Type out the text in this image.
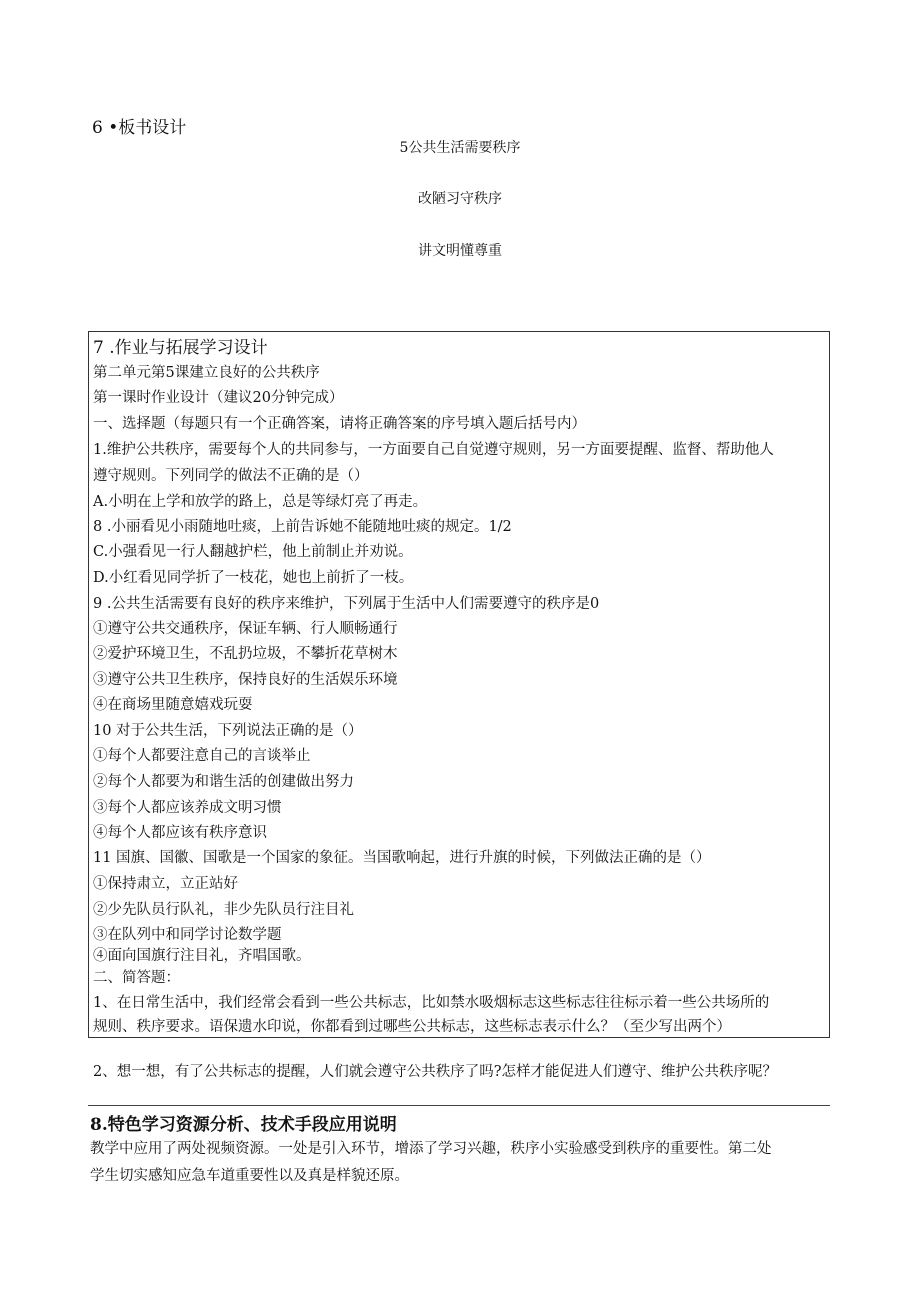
6 •板书设计
5公共生活需要秩序
改陋习守秩序
讲文明懂尊重
7 .作业与拓展学习设计
第二单元第5课建立良好的公共秩序
第一课时作业设计（建议20分钟完成）
一、选择题（每题只有一个正确答案，请将正确答案的序号填入题后括号内）
1.维护公共秩序，需要每个人的共同参与，一方面要自己自觉遵守规则，另一方面要提醒、监督、帮助他人
遵守规则。下列同学的做法不正确的是（）
A.小明在上学和放学的路上，总是等绿灯亮了再走。
8 .小丽看见小雨随地吐痰，上前告诉她不能随地吐痰的规定。1/2
C.小强看见一行人翻越护栏，他上前制止并劝说。
D.小红看见同学折了一枝花，她也上前折了一枝。
9 .公共生活需要有良好的秩序来维护，下列属于生活中人们需要遵守的秩序是0
①遵守公共交通秩序，保证车辆、行人顺畅通行
②爱护环境卫生，不乱扔垃圾，不攀折花草树木
③遵守公共卫生秩序，保持良好的生活娱乐环境
④在商场里随意嬉戏玩耍
10 对于公共生活，下列说法正确的是（）
①每个人都要注意自己的言谈举止
②每个人都要为和谐生活的创建做出努力
③每个人都应该养成文明习惯
④每个人都应该有秩序意识
11 国旗、国徽、国歌是一个国家的象征。当国歌响起，进行升旗的时候，下列做法正确的是（）
①保持肃立，立正站好
②少先队员行队礼，非少先队员行注目礼
③在队列中和同学讨论数学题
④面向国旗行注目礼，齐唱国歌。
二、简答题：
1、在日常生活中，我们经常会看到一些公共标志，比如禁水吸烟标志这些标志往往标示着一些公共场所的
规则、秩序要求。语保遗水印说，你都看到过哪些公共标志，这些标志表示什么？（至少写出两个）
2、想一想，有了公共标志的提醒，人们就会遵守公共秩序了吗?怎样才能促进人们遵守、维护公共秩序呢？
8.特色学习资源分析、技术手段应用说明
教学中应用了两处视频资源。一处是引入环节，增添了学习兴趣，秩序小实验感受到秩序的重要性。第二处
学生切实感知应急车道重要性以及真是样貌还原。
